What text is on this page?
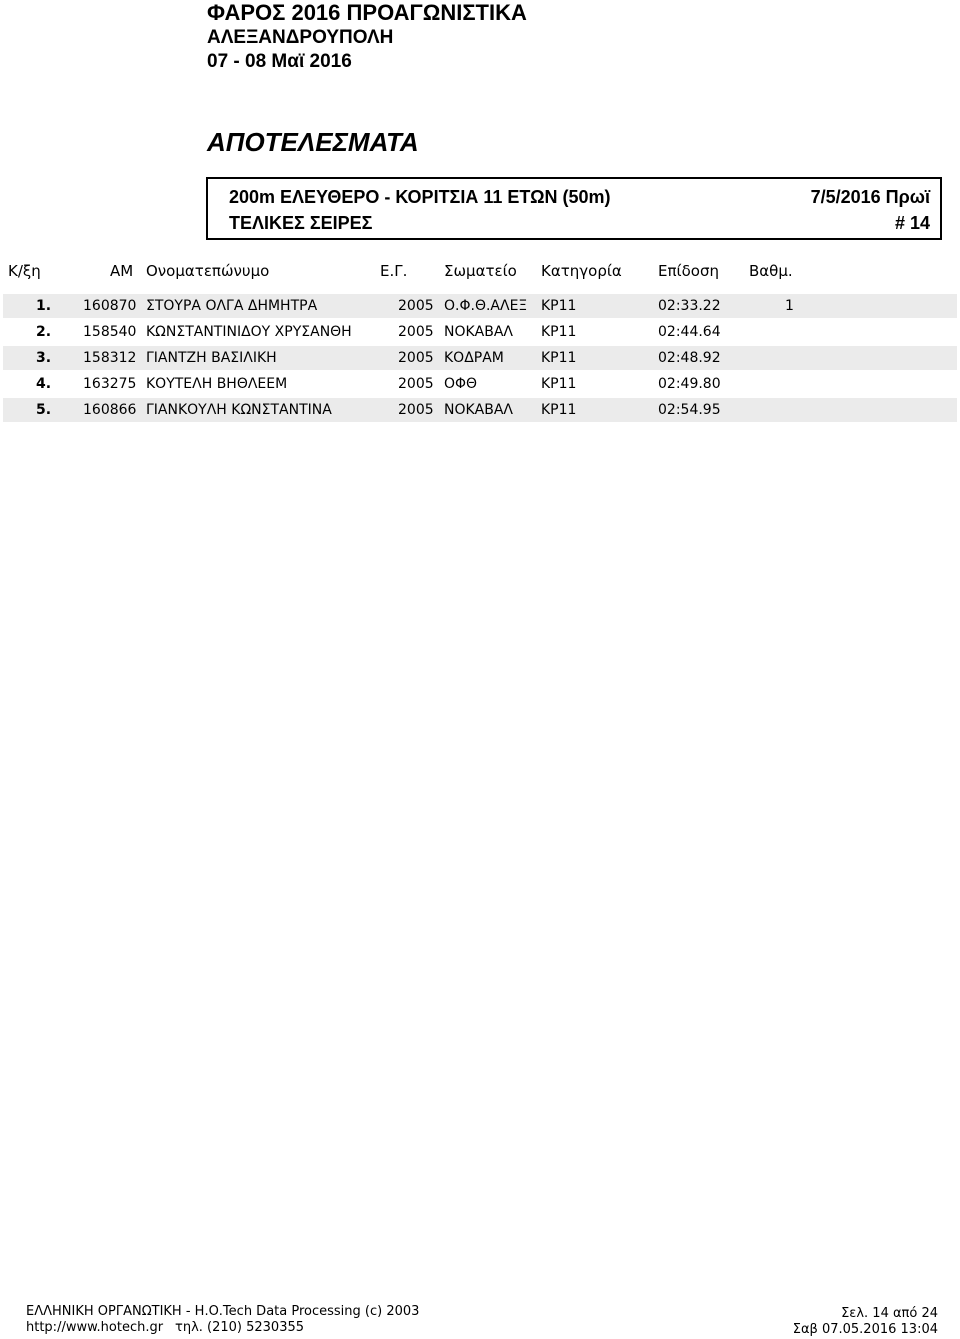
ΦΑΡΟΣ 2016 ΠΡΟΑΓΩΝΙΣΤΙΚΑ
ΑΛΕΞΑΝΔΡΟΥΠΟΛΗ
07 - 08 Μαϊ 2016
ΑΠΟΤΕΛΕΣΜΑΤΑ
200m ΕΛΕΥΘΕΡΟ - ΚΟΡΙΤΣΙΑ 11 ΕΤΩΝ (50m)	7/5/2016 Πρωϊ
ΤΕΛΙΚΕΣ ΣΕΙΡΕΣ	# 14
Κ/ξη	ΑΜ Ονοματεπώνυμο	Ε.Γ. Σωματείο Κατηγορία Επίδοση Βαθμ.
1. 160870 ΣΤΟΥΡΑ ΟΛΓΑ ΔΗΜΗΤΡΑ	2005 Ο.Φ.Θ.ΑΛΕΞ ΚΡ11	02:33.22	1
2. 158540 ΚΩΝΣΤΑΝΤΙΝΙΔΟΥ ΧΡΥΣΑΝΘΗ	2005 ΝΟΚΑΒΑΛ ΚΡ11	02:44.64
3. 158312 ΓΙΑΝΤΖΗ ΒΑΣΙΛΙΚΗ	2005 ΚΟΔΡΑΜ	ΚΡ11	02:48.92
4. 163275 ΚΟΥΤΕΛΗ ΒΗΘΛΕΕΜ	2005 ΟΦΘ	ΚΡ11	02:49.80
5. 160866 ΓΙΑΝΚΟΥΛΗ ΚΩΝΣΤΑΝΤΙΝΑ	2005 ΝΟΚΑΒΑΛ ΚΡ11	02:54.95
ΕΛΛΗΝΙΚΗ ΟΡΓΑΝΩΤΙΚΗ - Η.Ο.Tech Data Processing (c) 2003
http://www.hotech.gr τηλ. (210) 5230355
Σελ. 14 από 24
Σαβ 07.05.2016 13:04
